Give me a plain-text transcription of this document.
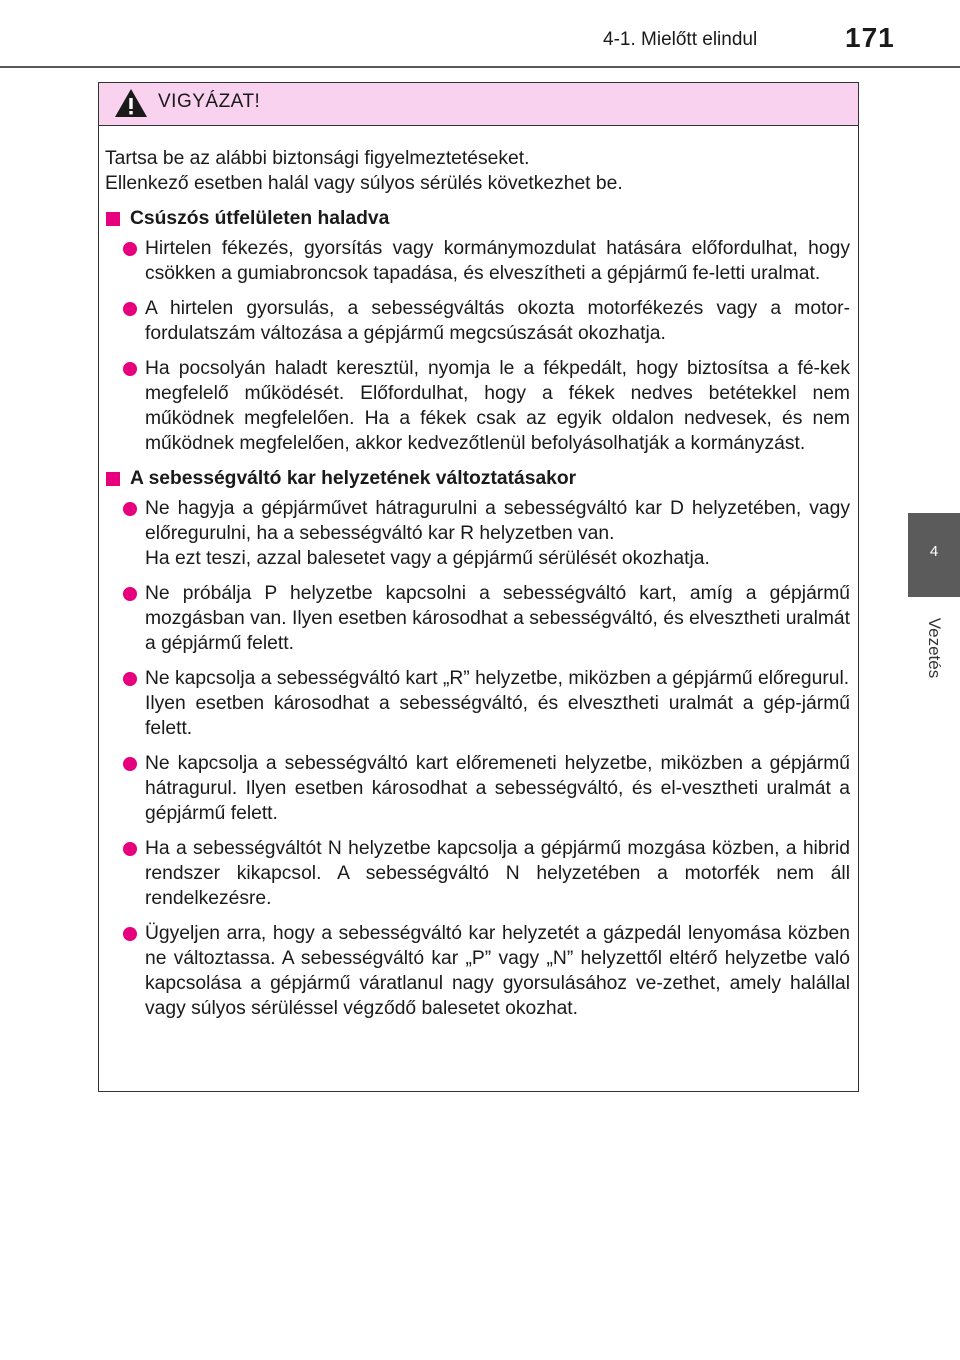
4-1. Mielőtt elindul	171
4
Vezetés
VIGYÁZAT!
Tartsa be az alábbi biztonsági figyelmeztetéseket.
Ellenkező esetben halál vagy súlyos sérülés következhet be.
Csúszós útfelületen haladva
Hirtelen fékezés, gyorsítás vagy kormánymozdulat hatására előfordulhat, hogy csökken a gumiabroncsok tapadása, és elveszítheti a gépjármű fe-letti uralmat.
A hirtelen gyorsulás, a sebességváltás okozta motorfékezés vagy a motor-fordulatszám változása a gépjármű megcsúszását okozhatja.
Ha pocsolyán haladt keresztül, nyomja le a fékpedált, hogy biztosítsa a fé-kek megfelelő működését. Előfordulhat, hogy a fékek nedves betétekkel nem működnek megfelelően. Ha a fékek csak az egyik oldalon nedvesek, és nem működnek megfelelően, akkor kedvezőtlenül befolyásolhatják a kormányzást.
A sebességváltó kar helyzetének változtatásakor
Ne hagyja a gépjárművet hátragurulni a sebességváltó kar D helyzetében, vagy előregurulni, ha a sebességváltó kar R helyzetben van.
Ha ezt teszi, azzal balesetet vagy a gépjármű sérülését okozhatja.
Ne próbálja P helyzetbe kapcsolni a sebességváltó kart, amíg a gépjármű mozgásban van. Ilyen esetben károsodhat a sebességváltó, és elvesztheti uralmát a gépjármű felett.
Ne kapcsolja a sebességváltó kart „R” helyzetbe, miközben a gépjármű előregurul.
Ilyen esetben károsodhat a sebességváltó, és elvesztheti uralmát a gép-jármű felett.
Ne kapcsolja a sebességváltó kart előremeneti helyzetbe, miközben a gépjármű hátragurul. Ilyen esetben károsodhat a sebességváltó, és el-vesztheti uralmát a gépjármű felett.
Ha a sebességváltót N helyzetbe kapcsolja a gépjármű mozgása közben, a hibrid rendszer kikapcsol. A sebességváltó N helyzetében a motorfék nem áll rendelkezésre.
Ügyeljen arra, hogy a sebességváltó kar helyzetét a gázpedál lenyomása közben ne változtassa. A sebességváltó kar „P” vagy „N” helyzettől eltérő helyzetbe való kapcsolása a gépjármű váratlanul nagy gyorsulásához ve-zethet, amely halállal vagy súlyos sérüléssel végződő balesetet okozhat.
